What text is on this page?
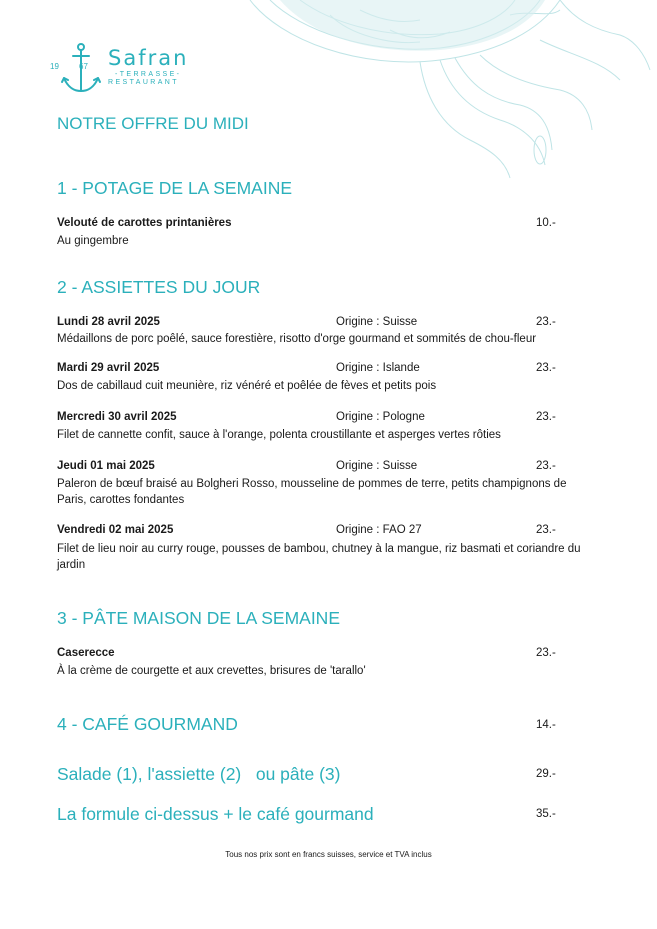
19	67 Safran
-TERRASSE-
RESTAURANT
NOTRE OFFRE DU MIDI
1 - POTAGE DE LA SEMAINE
Velouté de carottes printanières	10.-
Au gingembre
2 - ASSIETTES DU JOUR
Lundi 28 avril 2025	Origine : Suisse	23.-
Médaillons de porc poêlé, sauce forestière, risotto d'orge gourmand et sommités de chou-fleur
Mardi 29 avril 2025	Origine : Islande	23.-
Dos de cabillaud cuit meunière, riz vénéré et poêlée de fèves et petits pois
Mercredi 30 avril 2025	Origine : Pologne	23.-
Filet de cannette confit, sauce à l'orange, polenta croustillante et asperges vertes rôties
Jeudi 01 mai 2025	Origine : Suisse	23.-
Paleron de bœuf braisé au Bolgheri Rosso, mousseline de pommes de terre, petits champignons de Paris, carottes fondantes
Vendredi 02 mai 2025	Origine : FAO 27	23.-
Filet de lieu noir au curry rouge, pousses de bambou, chutney à la mangue, riz basmati et coriandre du jardin
3 - PÂTE MAISON DE LA SEMAINE
Caserecce	23.-
À la crème de courgette et aux crevettes, brisures de 'tarallo'
4 - CAFÉ GOURMAND	14.-
Salade (1), l'assiette (2)   ou pâte (3)	29.-
La formule ci-dessus + le café gourmand	35.-
Tous nos prix sont en francs suisses, service et TVA inclus
